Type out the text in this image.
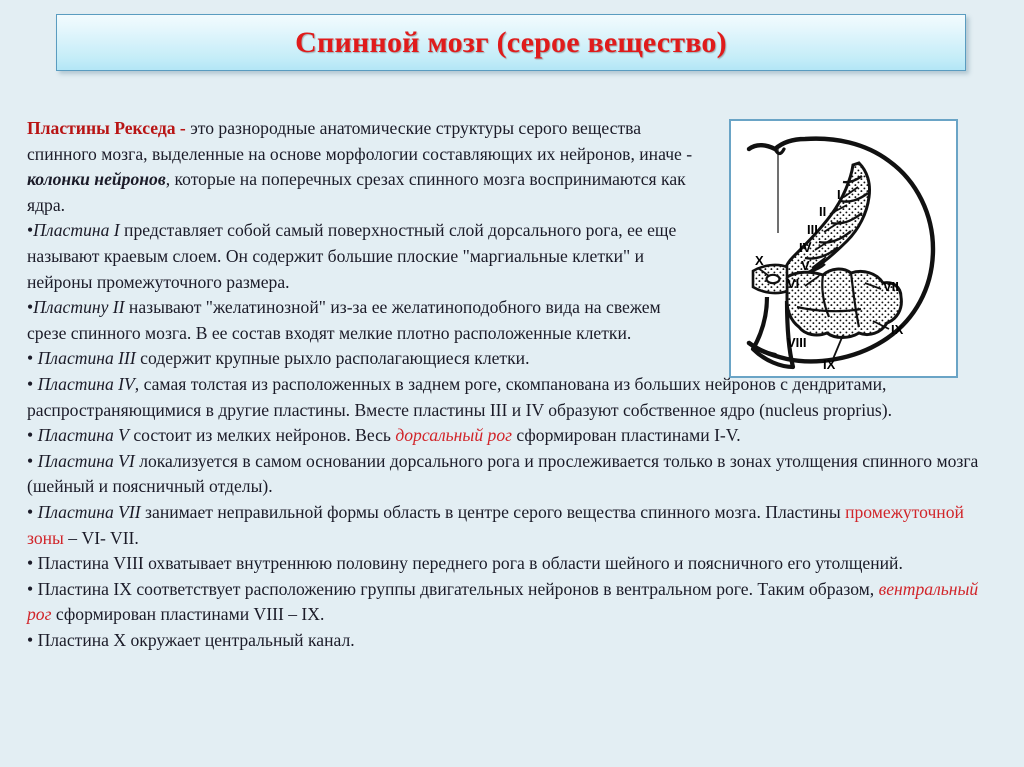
Спинной мозг (серое вещество)
I
II
III
IV
V
VI
X
VII
IX
VIII
IX

Пластины Рекседа - это разнородные анатомические структуры серого вещества спинного мозга, выделенные на основе морфологии составляющих их нейронов, иначе - колонки нейронов, которые на поперечных срезах спинного мозга воспринимаются как ядра.

•Пластина I представляет собой самый поверхностный слой дорсального рога, ее еще называют краевым слоем. Он содержит большие плоские "маргиальные клетки" и нейроны промежуточного размера.

•Пластину II называют "желатинозной" из-за ее желатиноподобного вида на свежем срезе спинного мозга. В ее состав входят мелкие плотно расположенные клетки.

• Пластина III содержит крупные рыхло располагающиеся клетки.

• Пластина IV, самая толстая из расположенных в заднем роге, скомпанована из больших нейронов с дендритами, распространяющимися в другие пластины. Вместе пластины III и IV образуют собственное ядро (nucleus proprius).

• Пластина V состоит из мелких нейронов. Весь дорсальный рог сформирован пластинами I-V.

• Пластина VI локализуется в самом основании дорсального рога и прослеживается только в зонах утолщения спинного мозга (шейный и поясничный отделы).

• Пластина VII занимает неправильной формы область в центре серого вещества спинного мозга. Пластины промежуточной зоны – VI- VII.

• Пластина VIII охватывает внутреннюю половину переднего рога в области шейного и поясничного его утолщений.

• Пластина IX соответствует расположению группы двигательных нейронов в вентральном роге. Таким образом, вентральный рог сформирован пластинами VIII – IX.

• Пластина X окружает центральный канал.
